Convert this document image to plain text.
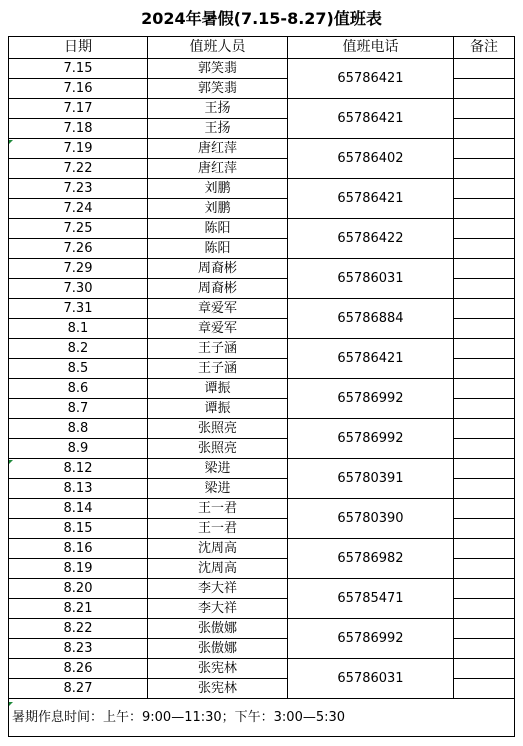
2024年暑假(7.15-8.27)值班表
日期	值班人员	值班电话	备注
7.15	郭笑翡	65786421	
7.16	郭笑翡		
7.17	王扬	65786421	
7.18	王扬		
7.19	唐红萍	65786402	
7.22	唐红萍		
7.23	刘鹏	65786421	
7.24	刘鹏		
7.25	陈阳	65786422	
7.26	陈阳		
7.29	周裔彬	65786031	
7.30	周裔彬		
7.31	章爱军	65786884	
8.1	章爱军		
8.2	王子涵	65786421	
8.5	王子涵		
8.6	谭振	65786992	
8.7	谭振		
8.8	张照亮	65786992	
8.9	张照亮		
8.12	梁进	65780391	
8.13	梁进		
8.14	王一君	65780390	
8.15	王一君		
8.16	沈周高	65786982	
8.19	沈周高		
8.20	李大祥	65785471	
8.21	李大祥		
8.22	张傲娜	65786992	
8.23	张傲娜		
8.26	张宪林	65786031	
8.27	张宪林		
暑期作息时间：上午：9:00—11:30；下午：3:00—5:30			
